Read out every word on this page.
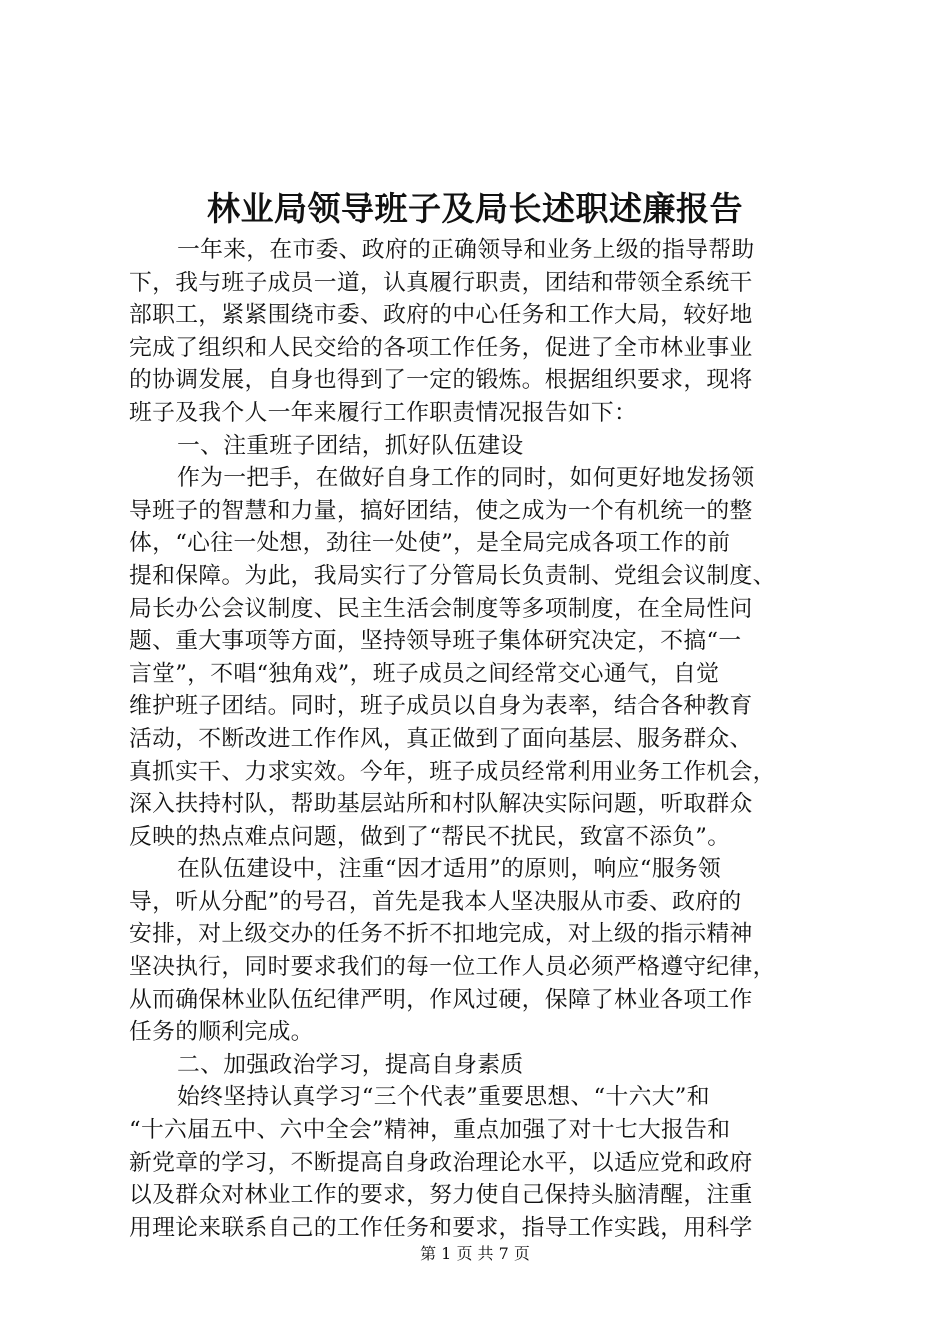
林业局领导班子及局长述职述廉报告
一年来，在市委、政府的正确领导和业务上级的指导帮助
下，我与班子成员一道，认真履行职责，团结和带领全系统干
部职工，紧紧围绕市委、政府的中心任务和工作大局，较好地
完成了组织和人民交给的各项工作任务，促进了全市林业事业
的协调发展，自身也得到了一定的锻炼。根据组织要求，现将
班子及我个人一年来履行工作职责情况报告如下：
一、注重班子团结，抓好队伍建设
作为一把手，在做好自身工作的同时，如何更好地发扬领
导班子的智慧和力量，搞好团结，使之成为一个有机统一的整
体，“心往一处想，劲往一处使”，是全局完成各项工作的前
提和保障。为此，我局实行了分管局长负责制、党组会议制度、
局长办公会议制度、民主生活会制度等多项制度，在全局性问
题、重大事项等方面，坚持领导班子集体研究决定，不搞“一
言堂”，不唱“独角戏”，班子成员之间经常交心通气，自觉
维护班子团结。同时，班子成员以自身为表率，结合各种教育
活动，不断改进工作作风，真正做到了面向基层、服务群众、
真抓实干、力求实效。今年，班子成员经常利用业务工作机会，
深入扶持村队，帮助基层站所和村队解决实际问题，听取群众
反映的热点难点问题，做到了“帮民不扰民，致富不添负”。
在队伍建设中，注重“因才适用”的原则，响应“服务领
导，听从分配”的号召，首先是我本人坚决服从市委、政府的
安排，对上级交办的任务不折不扣地完成，对上级的指示精神
坚决执行，同时要求我们的每一位工作人员必须严格遵守纪律，
从而确保林业队伍纪律严明，作风过硬，保障了林业各项工作
任务的顺利完成。
二、加强政治学习，提高自身素质
始终坚持认真学习“三个代表”重要思想、“十六大”和
“十六届五中、六中全会”精神，重点加强了对十七大报告和
新党章的学习，不断提高自身政治理论水平，以适应党和政府
以及群众对林业工作的要求，努力使自己保持头脑清醒，注重
用理论来联系自己的工作任务和要求，指导工作实践，用科学
第 1 页 共 7 页
